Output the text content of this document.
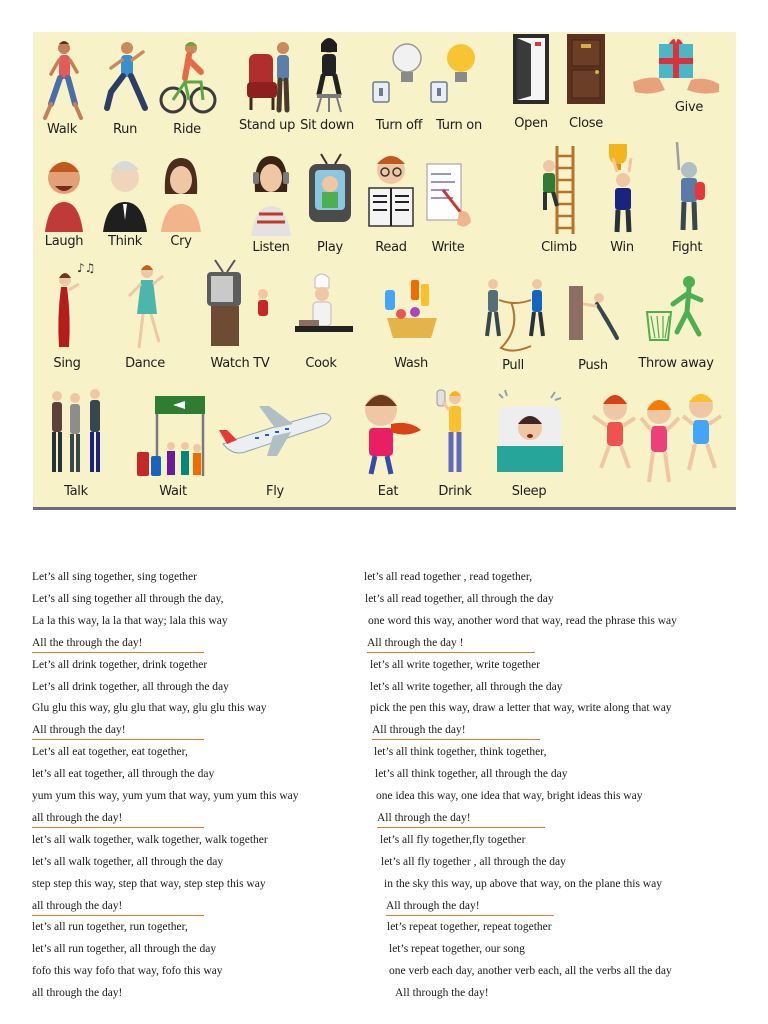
Walk	Run	Ride	Stand up Sit down Turn off Turn on Open Close
Give
Laugh Think Cry	Listen Play Read Write	Climb	Win	Fight
♪♫
Sing	Dance	Watch TV	Cook	Wash	Pull	Push Throw away
Talk	Wait	Fly	Eat	Drink	Sleep
Let’s all sing together, sing together
Let’s all sing together all through the day,
La la this way, la la that way; lala this way
All the through the day!
Let’s all drink together, drink together
Let’s all drink together, all through the day
Glu glu this way, glu glu that way, glu glu this way
All through the day!
Let’s all eat together, eat together,
let’s all eat together, all through the day
yum yum this way, yum yum that way, yum yum this way
all through the day!
let’s all walk together, walk together, walk together
let’s all walk together, all through the day
step step this way, step that way, step step this way
all through the day!
let’s all run together, run together,
let’s all run together, all through the day
fofo this way fofo that way, fofo this way
all through the day!
let’s all read together , read together,
let’s all read together, all through the day
one word this way, another word that way, read the phrase this way
All through the day !
let’s all write together, write together
let’s all write together, all through the day
pick the pen this way, draw a letter that way, write along that way
All through the day!
let’s all think together, think together,
let’s all think together, all through the day
one idea this way, one idea that way, bright ideas this way
All through the day!
let’s all fly together,fly together
let’s all fly together , all through the day
in the sky this way, up above that way, on the plane this way
All through the day!
let’s repeat together, repeat together
let’s repeat together, our song
one verb each day, another verb each, all the verbs all the day
All through the day!
